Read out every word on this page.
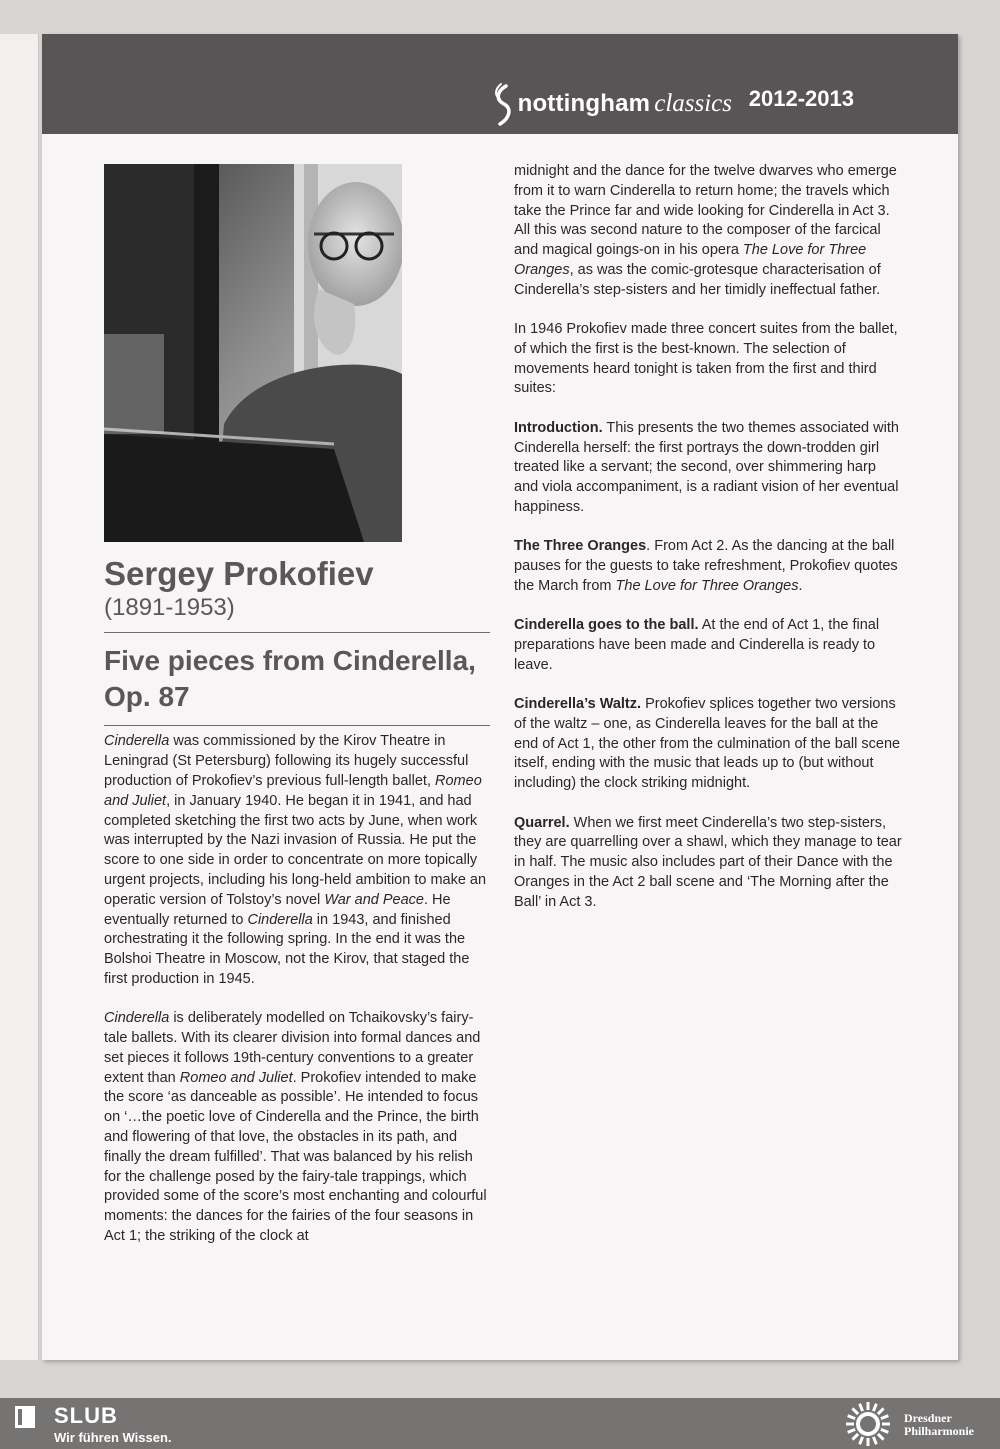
nottingham classics 2012-2013
Sergey Prokofiev
(1891-1953)
Five pieces from Cinderella, Op. 87

Cinderella was commissioned by the Kirov Theatre in Leningrad (St Petersburg) following its hugely successful production of Prokofiev’s previous full-length ballet, Romeo and Juliet, in January 1940. He began it in 1941, and had completed sketching the first two acts by June, when work was interrupted by the Nazi invasion of Russia. He put the score to one side in order to concentrate on more topically urgent projects, including his long-held ambition to make an operatic version of Tolstoy’s novel War and Peace. He eventually returned to Cinderella in 1943, and finished orchestrating it the following spring. In the end it was the Bolshoi Theatre in Moscow, not the Kirov, that staged the first production in 1945.

Cinderella is deliberately modelled on Tchaikovsky’s fairy-tale ballets. With its clearer division into formal dances and set pieces it follows 19th-century conventions to a greater extent than Romeo and Juliet. Prokofiev intended to make the score ‘as danceable as possible’. He intended to focus on ‘…the poetic love of Cinderella and the Prince, the birth and flowering of that love, the obstacles in its path, and finally the dream fulfilled’. That was balanced by his relish for the challenge posed by the fairy-tale trappings, which provided some of the score’s most enchanting and colourful moments: the dances for the fairies of the four seasons in Act 1; the striking of the clock at

midnight and the dance for the twelve dwarves who emerge from it to warn Cinderella to return home; the travels which take the Prince far and wide looking for Cinderella in Act 3. All this was second nature to the composer of the farcical and magical goings-on in his opera The Love for Three Oranges, as was the comic-grotesque characterisation of Cinderella’s step-sisters and her timidly ineffectual father.

In 1946 Prokofiev made three concert suites from the ballet, of which the first is the best-known. The selection of movements heard tonight is taken from the first and third suites:

Introduction. This presents the two themes associated with Cinderella herself: the first portrays the down-trodden girl treated like a servant; the second, over shimmering harp and viola accompaniment, is a radiant vision of her eventual happiness.

The Three Oranges. From Act 2. As the dancing at the ball pauses for the guests to take refreshment, Prokofiev quotes the March from The Love for Three Oranges.

Cinderella goes to the ball. At the end of Act 1, the final preparations have been made and Cinderella is ready to leave.

Cinderella’s Waltz. Prokofiev splices together two versions of the waltz – one, as Cinderella leaves for the ball at the end of Act 1, the other from the culmination of the ball scene itself, ending with the music that leads up to (but without including) the clock striking midnight.

Quarrel. When we first meet Cinderella’s two step-sisters, they are quarrelling over a shawl, which they manage to tear in half. The music also includes part of their Dance with the Oranges in the Act 2 ball scene and ‘The Morning after the Ball’ in Act 3.

SLUB
Wir führen Wissen.
Dresdner
Philharmonie
